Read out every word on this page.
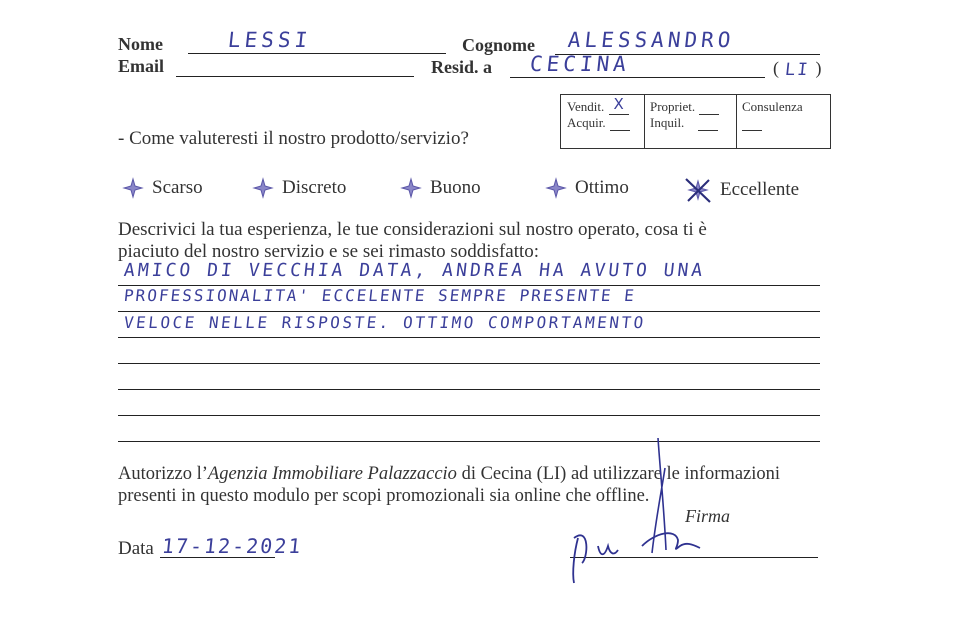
Nome	LESSI	Cognome ALESSANDRO
Email	Resid. a CECINA	( LI )
Vendit. X
Acquir.
Propriet.
Inquil.
Consulenza
- Come valuteresti il nostro prodotto/servizio?
Scarso	Discreto	Buono	Ottimo	Eccellente
Descrivici la tua esperienza, le tue considerazioni sul nostro operato, cosa ti è
piaciuto del nostro servizio e se sei rimasto soddisfatto:
AMICO DI VECCHIA DATA, ANDREA HA AVUTO UNA
PROFESSIONALITA' ECCELENTE SEMPRE PRESENTE E
VELOCE NELLE RISPOSTE. OTTIMO COMPORTAMENTO
Autorizzo l’Agenzia Immobiliare Palazzaccio di Cecina (LI) ad utilizzare le informazioni
presenti in questo modulo per scopi promozionali sia online che offline.
Firma
Data 17-12-2021
